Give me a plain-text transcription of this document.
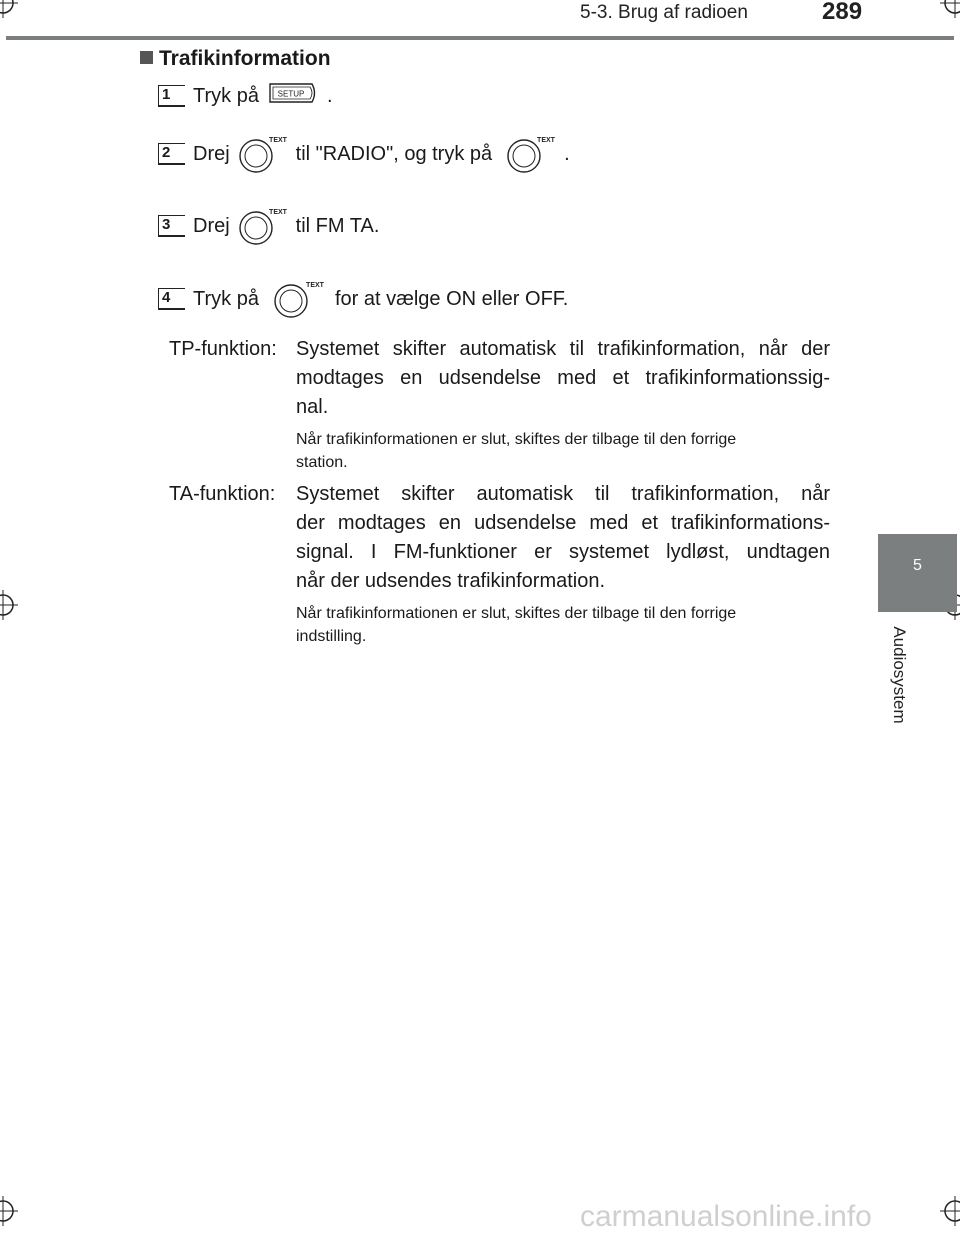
5-3. Brug af radioen	289
5
Audiosystem
Trafikinformation
1	Tryk på SETUP .
2	Drej
TEXT
til "RADIO", og tryk på
TEXT
.
3	Drej
TEXT
til FM TA.
4	Tryk på
TEXT
for at vælge ON eller OFF.
TP-funktion: Systemet skifter automatisk til trafikinformation, når der
modtages en udsendelse med et trafikinformationssig-
nal.
Når trafikinformationen er slut, skiftes der tilbage til den forrige
station.
TA-funktion: Systemet skifter automatisk til trafikinformation, når
der modtages en udsendelse med et trafikinformations-
signal. I FM-funktioner er systemet lydløst, undtagen
når der udsendes trafikinformation.
Når trafikinformationen er slut, skiftes der tilbage til den forrige
indstilling.
carmanualsonline.info
